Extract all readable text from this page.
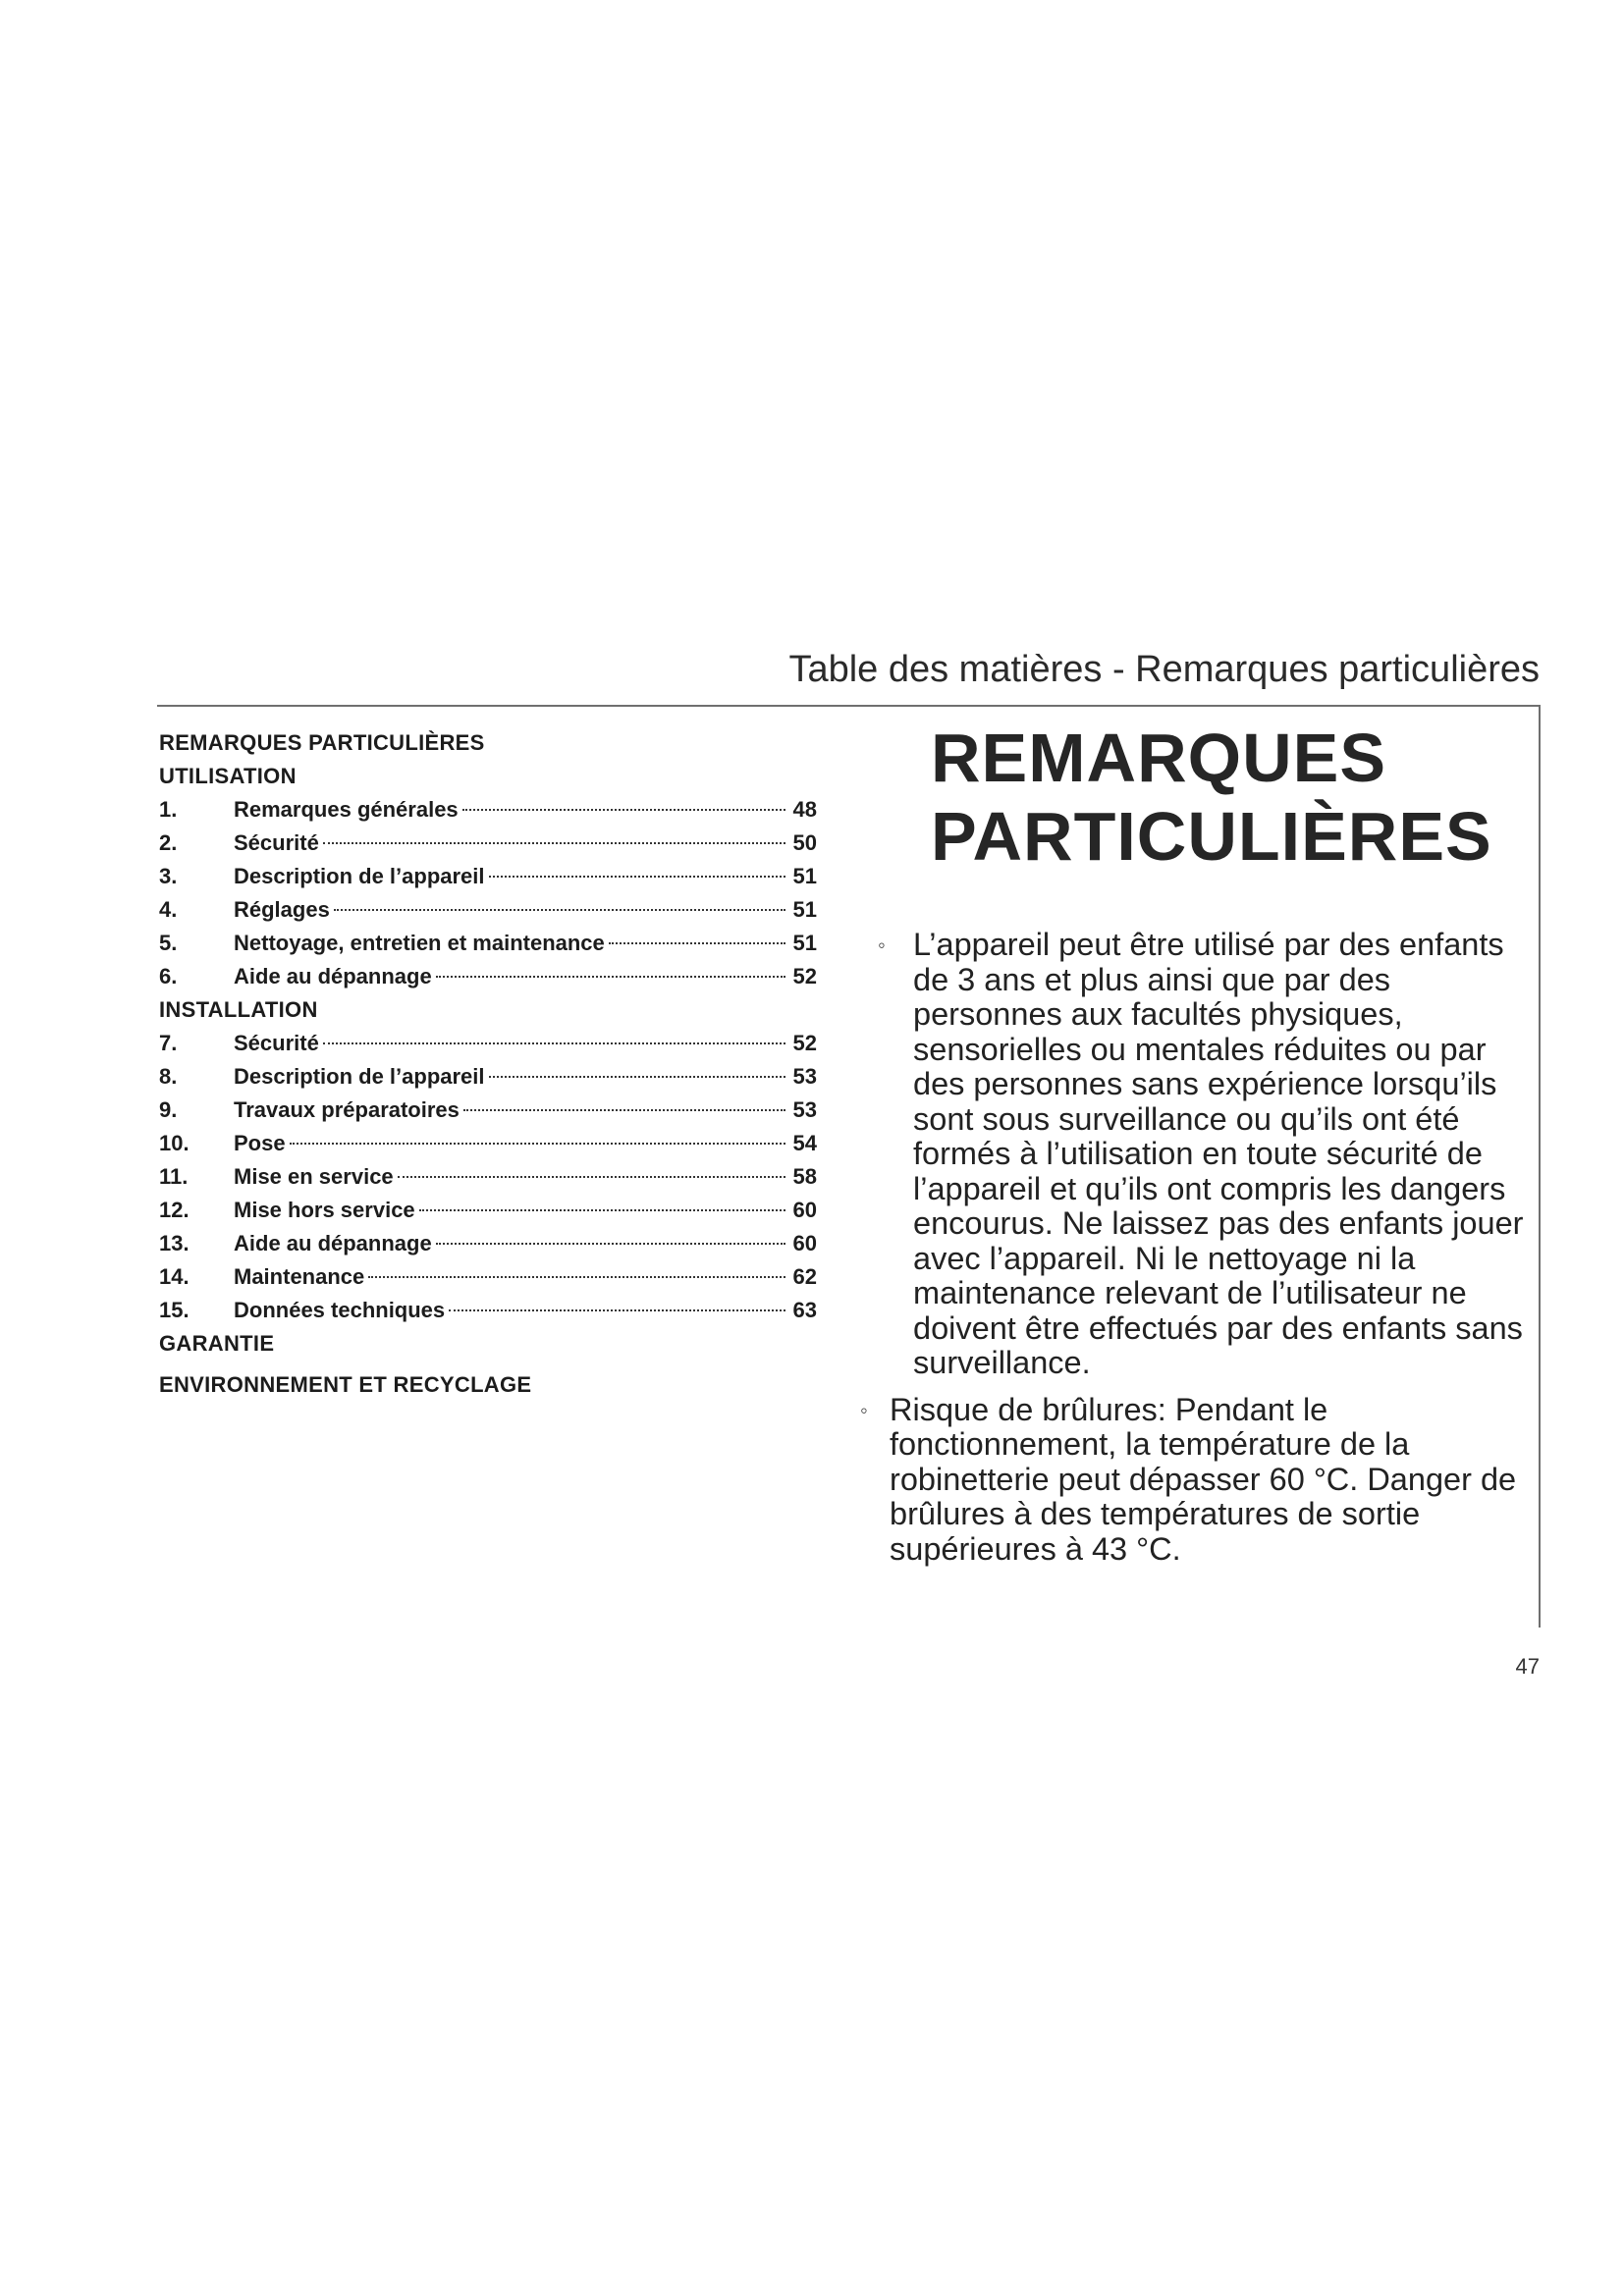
Table des matières - Remarques particulières
REMARQUES PARTICULIÈRES
UTILISATION
1.	Remarques générales	48
2.	Sécurité	50
3.	Description de l’appareil	51
4.	Réglages	51
5.	Nettoyage, entretien et maintenance	51
6.	Aide au dépannage	52
INSTALLATION
7.	Sécurité	52
8.	Description de l’appareil	53
9.	Travaux préparatoires	53
10.	Pose	54
11.	Mise en service	58
12.	Mise hors service	60
13.	Aide au dépannage	60
14.	Maintenance	62
15.	Données techniques	63
GARANTIE
ENVIRONNEMENT ET RECYCLAGE
REMARQUES
PARTICULIÈRES
◦ L’appareil peut être utilisé par des enfants de 3 ans et plus ainsi que par des personnes aux facultés physiques, sensorielles ou mentales réduites ou par des personnes sans expérience lorsqu’ils sont sous surveillance ou qu’ils ont été formés à l’utilisation en toute sécurité de l’appareil et qu’ils ont compris les dangers encourus. Ne laissez pas des enfants jouer avec l’appareil. Ni le nettoyage ni la maintenance relevant de l’utilisateur ne doivent être effectués par des enfants sans surveillance.
◦ Risque de brûlures: Pendant le fonctionnement, la température de la robinetterie peut dépasser 60 °C. Danger de brûlures à des températures de sortie supérieures à 43 °C.
47
